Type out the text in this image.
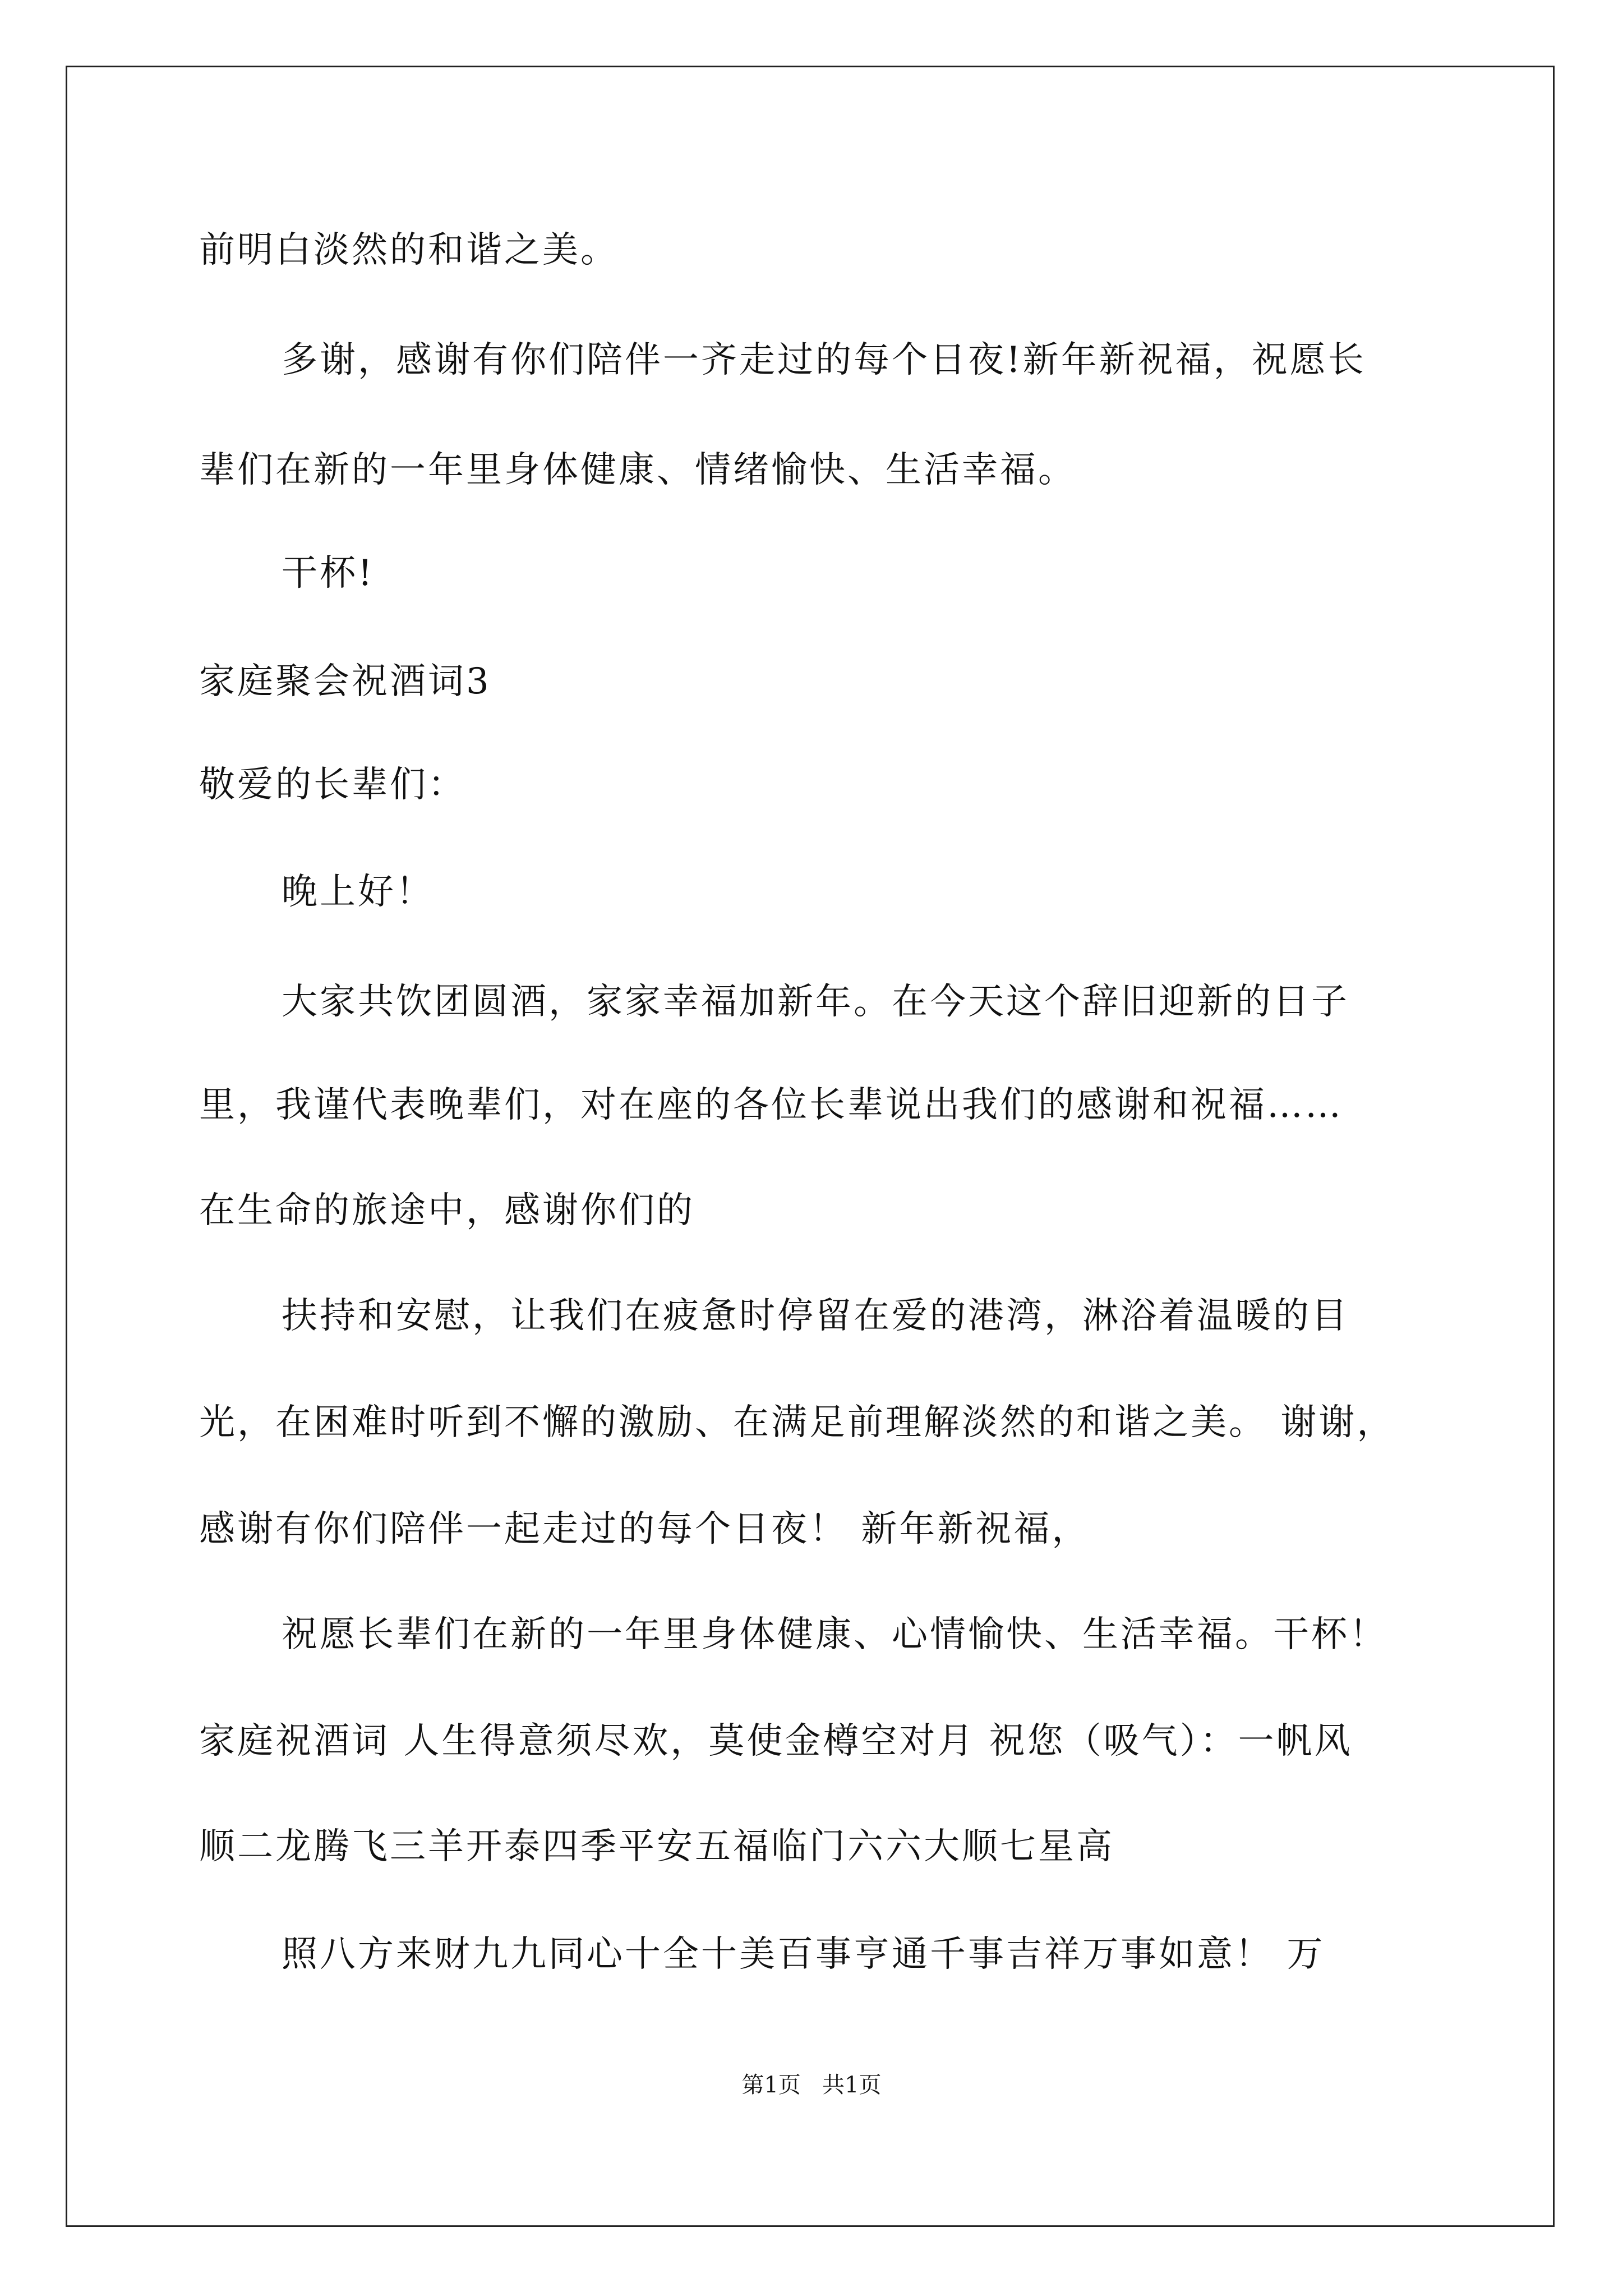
前明白淡然的和谐之美。
多谢，感谢有你们陪伴一齐走过的每个日夜!新年新祝福，祝愿长
辈们在新的一年里身体健康、情绪愉快、生活幸福。
干杯!
家庭聚会祝酒词3
敬爱的长辈们：
晚上好！
大家共饮团圆酒，家家幸福加新年。在今天这个辞旧迎新的日子
里，我谨代表晚辈们，对在座的各位长辈说出我们的感谢和祝福……
在生命的旅途中，感谢你们的
扶持和安慰，让我们在疲惫时停留在爱的港湾，淋浴着温暖的目
光，在困难时听到不懈的激励、在满足前理解淡然的和谐之美。 谢谢，
感谢有你们陪伴一起走过的每个日夜！ 新年新祝福，
祝愿长辈们在新的一年里身体健康、心情愉快、生活幸福。干杯！
家庭祝酒词 人生得意须尽欢，莫使金樽空对月 祝您（吸气）：一帆风
顺二龙腾飞三羊开泰四季平安五福临门六六大顺七星高
照八方来财九九同心十全十美百事亨通千事吉祥万事如意！ 万
第1页   共1页
